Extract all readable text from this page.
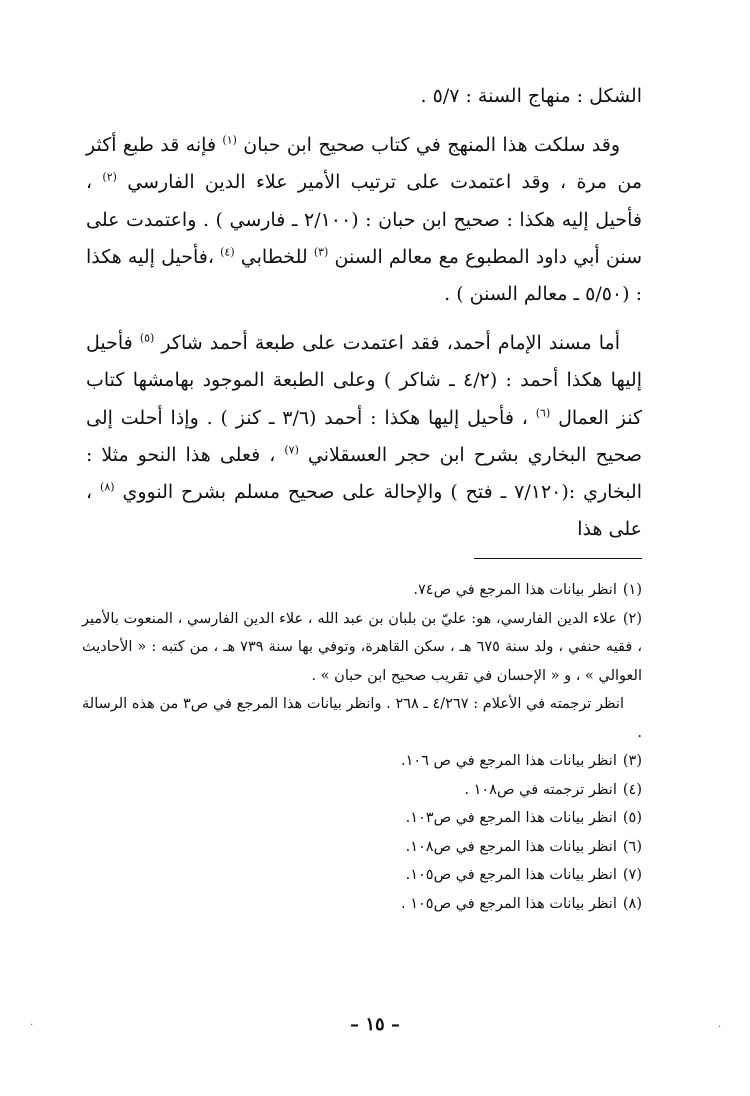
الشكل : منهاج السنة : ٥/٧ .

وقد سلكت هذا المنهج في كتاب صحيح ابن حبان $^{(١)}$ فإنه قد طبع أكثر من مرة ، وقد اعتمدت على ترتيب الأمير علاء الدين الفارسي $^{(٢)}$ ، فأحيل إليه هكذا : صحيح ابن حبان : (٢/١٠٠ ـ فارسي ) . واعتمدت على سنن أبي داود المطبوع مع معالم السنن $^{(٣)}$ للخطابي $^{(٤)}$ ،فأحيل إليه هكذا : (٥/٥٠ ـ معالم السنن ) .

أما مسند الإمام أحمد، فقد اعتمدت على طبعة أحمد شاكر $^{(٥)}$ فأحيل إليها هكذا أحمد : (٤/٢ ـ شاكر ) وعلى الطبعة الموجود بهامشها كتاب كنز العمال $^{(٦)}$ ، فأحيل إليها هكذا : أحمد (٣/٦ ـ كنز ) . وإذا أحلت إلى صحيح البخاري بشرح ابن حجر العسقلاني $^{(٧)}$ ، فعلى هذا النحو مثلا : البخاري :(٧/١٢٠ ـ فتح ) والإحالة على صحيح مسلم بشرح النووي $^{(٨)}$ ، على هذا

(١)انظر بيانات هذا المرجع في ص٧٤.

(٢)علاء الدين الفارسي، هو: عليّ بن بلبان بن عبد الله ، علاء الدين الفارسي ، المنعوت بالأمير ، فقيه حنفي ، ولد سنة ٦٧٥ هـ ، سكن القاهرة، وتوفي بها سنة ٧٣٩ هـ ، من كتبه : « الأحاديث العوالي » ، و « الإحسان في تقريب صحيح ابن حبان » .

انظر ترجمته في الأعلام : ٤/٢٦٧ ـ ٢٦٨ . وانظر بيانات هذا المرجع في ص٣ من هذه الرسالة .

(٣)انظر بيانات هذا المرجع في ص ١٠٦.

(٤)انظر ترجمته في ص١٠٨ .

(٥)انظر بيانات هذا المرجع في ص١٠٣.

(٦)انظر بيانات هذا المرجع في ص١٠٨.

(٧)انظر بيانات هذا المرجع في ص١٠٥.

(٨)انظر بيانات هذا المرجع في ص١٠٥ .

– ١٥ –
·	·
